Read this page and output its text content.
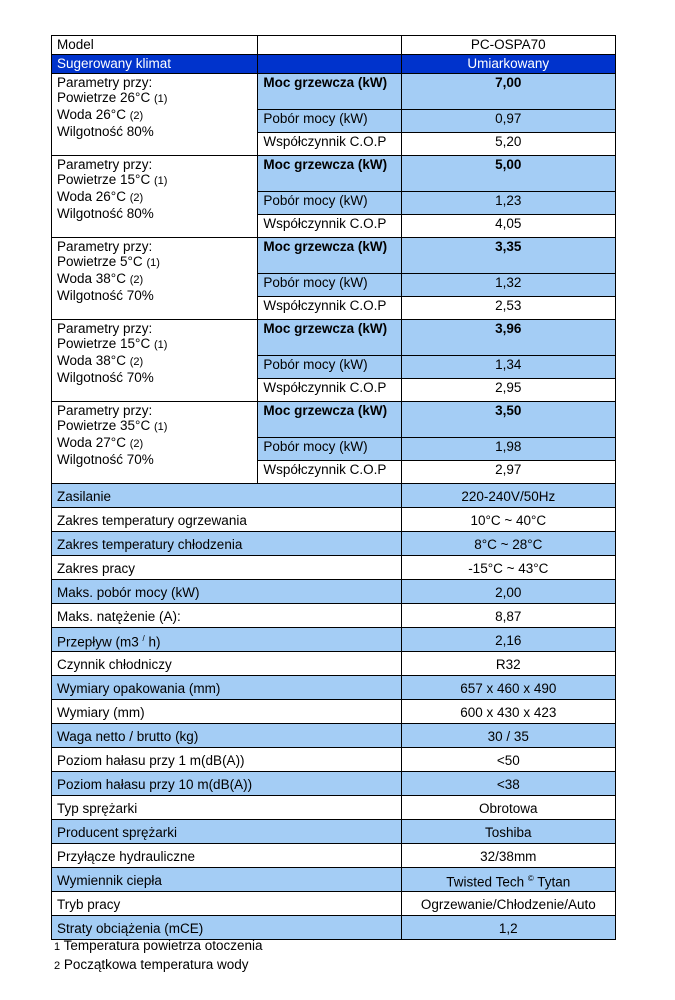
Model		PC-OSPA70
Sugerowany klimat		Umiarkowany

Parametry przy:
Powietrze 26°C (1)
Woda 26°C (2)
Wilgotność 80%	Moc grzewcza (kW)	7,00
	Pobór mocy (kW)	0,97
	Współczynnik C.O.P	5,20

Parametry przy:
Powietrze 15°C (1)
Woda 26°C (2)
Wilgotność 80%	Moc grzewcza (kW)	5,00
	Pobór mocy (kW)	1,23
	Współczynnik C.O.P	4,05

Parametry przy:
Powietrze 5°C (1)
Woda 38°C (2)
Wilgotność 70%	Moc grzewcza (kW)	3,35
	Pobór mocy (kW)	1,32
	Współczynnik C.O.P	2,53

Parametry przy:
Powietrze 15°C (1)
Woda 38°C (2)
Wilgotność 70%	Moc grzewcza (kW)	3,96
	Pobór mocy (kW)	1,34
	Współczynnik C.O.P	2,95

Parametry przy:
Powietrze 35°C (1)
Woda 27°C (2)
Wilgotność 70%	Moc grzewcza (kW)	3,50
	Pobór mocy (kW)	1,98
	Współczynnik C.O.P	2,97
Zasilanie		220-240V/50Hz
Zakres temperatury ogrzewania		10°C ~ 40°C
Zakres temperatury chłodzenia		8°C ~ 28°C
Zakres pracy		-15°C ~ 43°C
Maks. pobór mocy (kW)		2,00
Maks. natężenie (A):		8,87
Przepływ (m3 / h)		2,16
Czynnik chłodniczy		R32
Wymiary opakowania (mm)		657 x 460 x 490
Wymiary (mm)		600 x 430 x 423
Waga netto / brutto (kg)		30 / 35
Poziom hałasu przy 1 m(dB(A))		<50
Poziom hałasu przy 10 m(dB(A))		<38
Typ sprężarki		Obrotowa
Producent sprężarki		Toshiba
Przyłącze hydrauliczne		32/38mm
Wymiennik ciepła		Twisted Tech © Tytan
Tryb pracy		Ogrzewanie/Chłodzenie/Auto
Straty obciążenia (mCE)		1,2
1 Temperatura powietrza otoczenia
2 Początkowa temperatura wody
